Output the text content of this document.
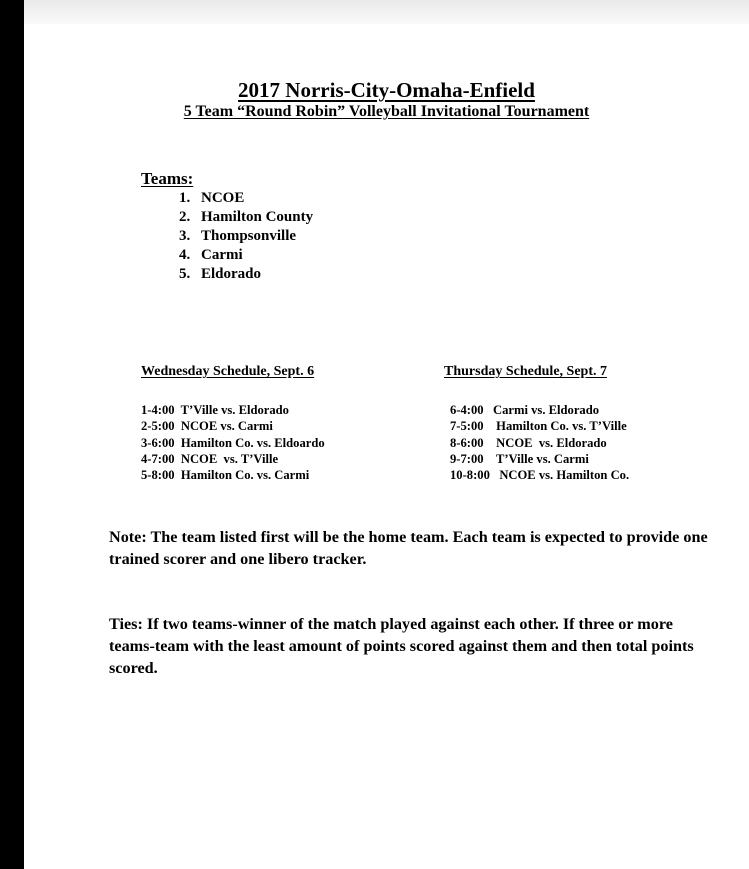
2017 Norris-City-Omaha-Enfield
5 Team “Round Robin” Volleyball Invitational Tournament
Teams:
1. NCOE
2. Hamilton County
3. Thompsonville
4. Carmi
5. Eldorado
Wednesday Schedule, Sept. 6	Thursday Schedule, Sept. 7
1-4:00  T’Ville vs. Eldorado
2-5:00  NCOE vs. Carmi
3-6:00  Hamilton Co. vs. Eldoardo
4-7:00  NCOE  vs. T’Ville
5-8:00  Hamilton Co. vs. Carmi
6-4:00   Carmi vs. Eldorado
7-5:00    Hamilton Co. vs. T’Ville
8-6:00    NCOE  vs. Eldorado
9-7:00    T’Ville vs. Carmi
10-8:00   NCOE vs. Hamilton Co.

Note: The team listed first will be the home team. Each team is expected to provide one trained scorer and one libero tracker.

Ties: If two teams-winner of the match played against each other. If three or more teams-team with the least amount of points scored against them and then total points scored.
